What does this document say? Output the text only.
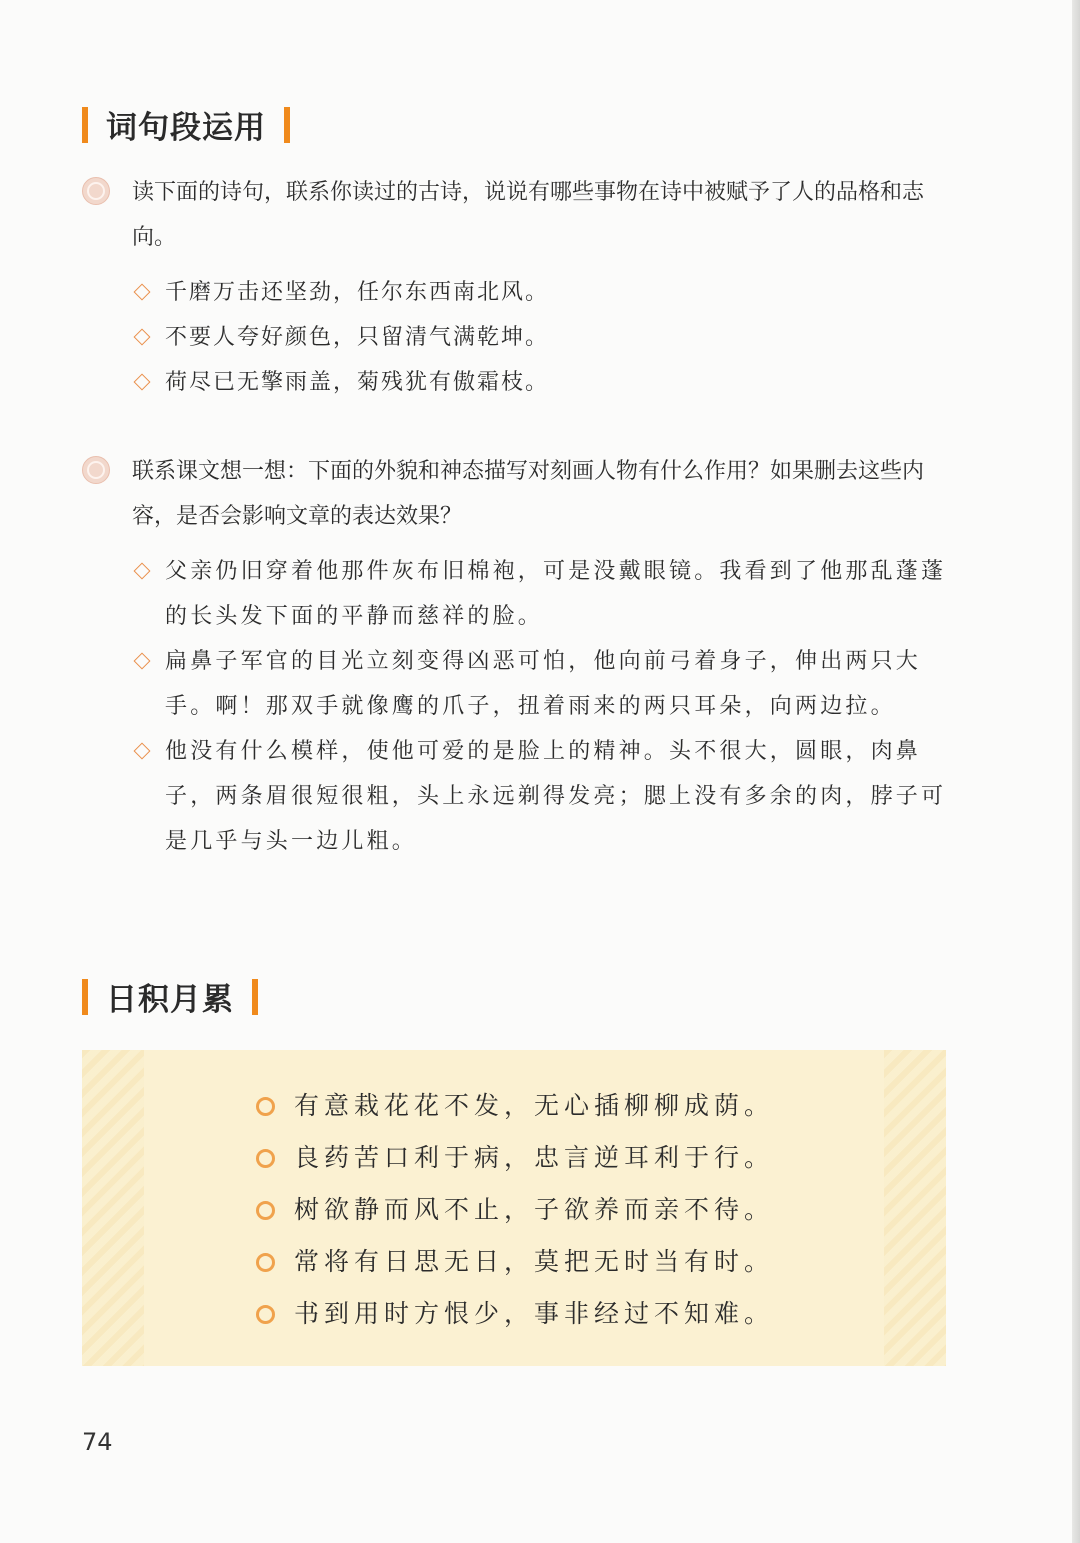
词句段运用
读下面的诗句，联系你读过的古诗，说说有哪些事物在诗中被赋予了人的品格和志向。
千磨万击还坚劲，任尔东西南北风。
不要人夸好颜色，只留清气满乾坤。
荷尽已无擎雨盖，菊残犹有傲霜枝。
联系课文想一想：下面的外貌和神态描写对刻画人物有什么作用？如果删去这些内容，是否会影响文章的表达效果？
父亲仍旧穿着他那件灰布旧棉袍，可是没戴眼镜。我看到了他那乱蓬蓬的长头发下面的平静而慈祥的脸。
扁鼻子军官的目光立刻变得凶恶可怕，他向前弓着身子，伸出两只大手。啊！那双手就像鹰的爪子，扭着雨来的两只耳朵，向两边拉。
他没有什么模样，使他可爱的是脸上的精神。头不很大，圆眼，肉鼻子，两条眉很短很粗，头上永远剃得发亮；腮上没有多余的肉，脖子可是几乎与头一边儿粗。
日积月累
有意栽花花不发，无心插柳柳成荫。
良药苦口利于病，忠言逆耳利于行。
树欲静而风不止，子欲养而亲不待。
常将有日思无日，莫把无时当有时。
书到用时方恨少，事非经过不知难。
74
